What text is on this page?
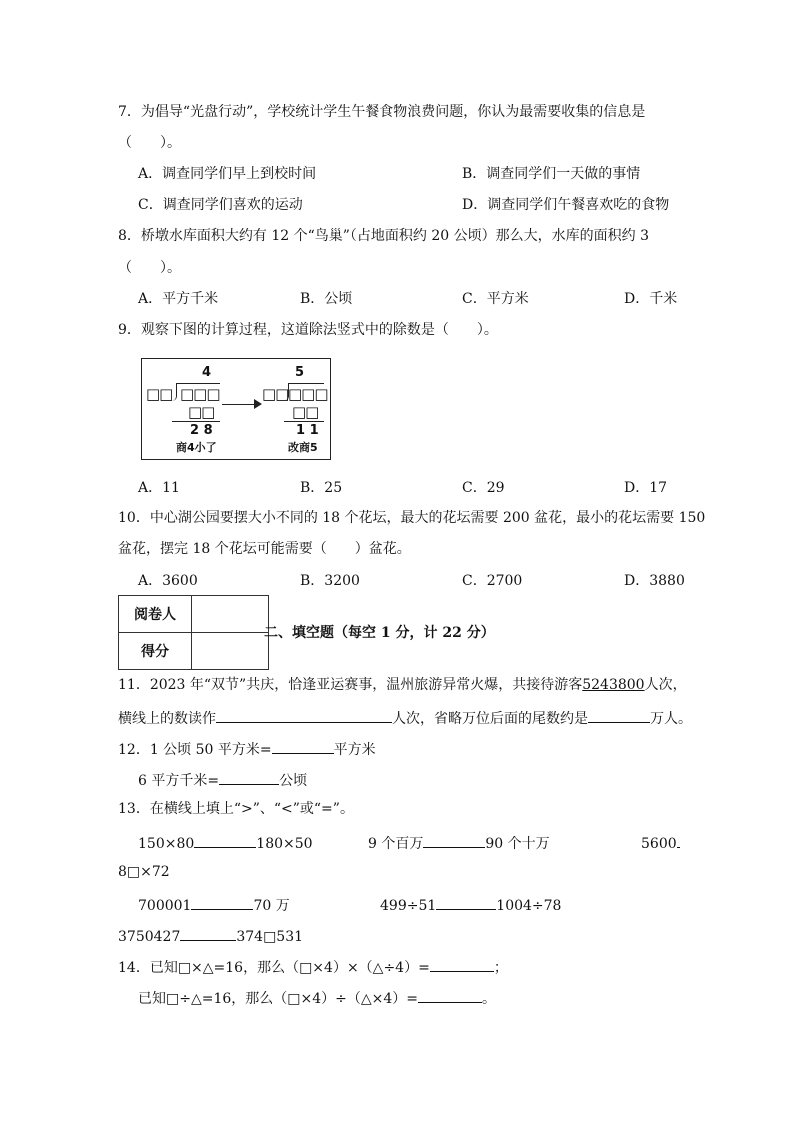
7．为倡导“光盘行动”，学校统计学生午餐食物浪费问题，你认为最需要收集的信息是
（　　）。
A．调查同学们早上到校时间	B．调查同学们一天做的事情
C．调查同学们喜欢的运动	D．调查同学们午餐喜欢吃的食物
8．桥墩水库面积大约有 12 个“鸟巢”（占地面积约 20 公顷）那么大，水库的面积约 3
（　　）。
A．平方千米	B．公顷	C．平方米	D．千米
9．观察下图的计算过程，这道除法竖式中的除数是（　　）。
4
□□ □□□
□□
2 8
商4小了
5
□□ □□□
□□
1 1
改商5
A．11	B．25	C．29	D．17
10．中心湖公园要摆大小不同的 18 个花坛，最大的花坛需要 200 盆花，最小的花坛需要 150
盆花，摆完 18 个花坛可能需要（　　）盆花。
A．3600	B．3200	C．2700	D．3880
阅卷人	
得分	
二、填空题（每空 1 分，计 22 分）
11．2023 年“双节”共庆，恰逢亚运赛事，温州旅游异常火爆，共接待游客5243800人次，
横线上的数读作	人次，省略万位后面的尾数约是	万人。
12．1 公顷 50 平方米=	平方米
6 平方千米=	公顷
13．在横线上填上“>”、“<”或“=”。
150×80	180×50	9 个百万	90 个十万	5600
8□×72
700001	70 万	499÷51	1004÷78
3750427	374□531
14．已知□×△=16，那么（□×4）×（△÷4）=	；
已知□÷△=16，那么（□×4）÷（△×4）=	。
